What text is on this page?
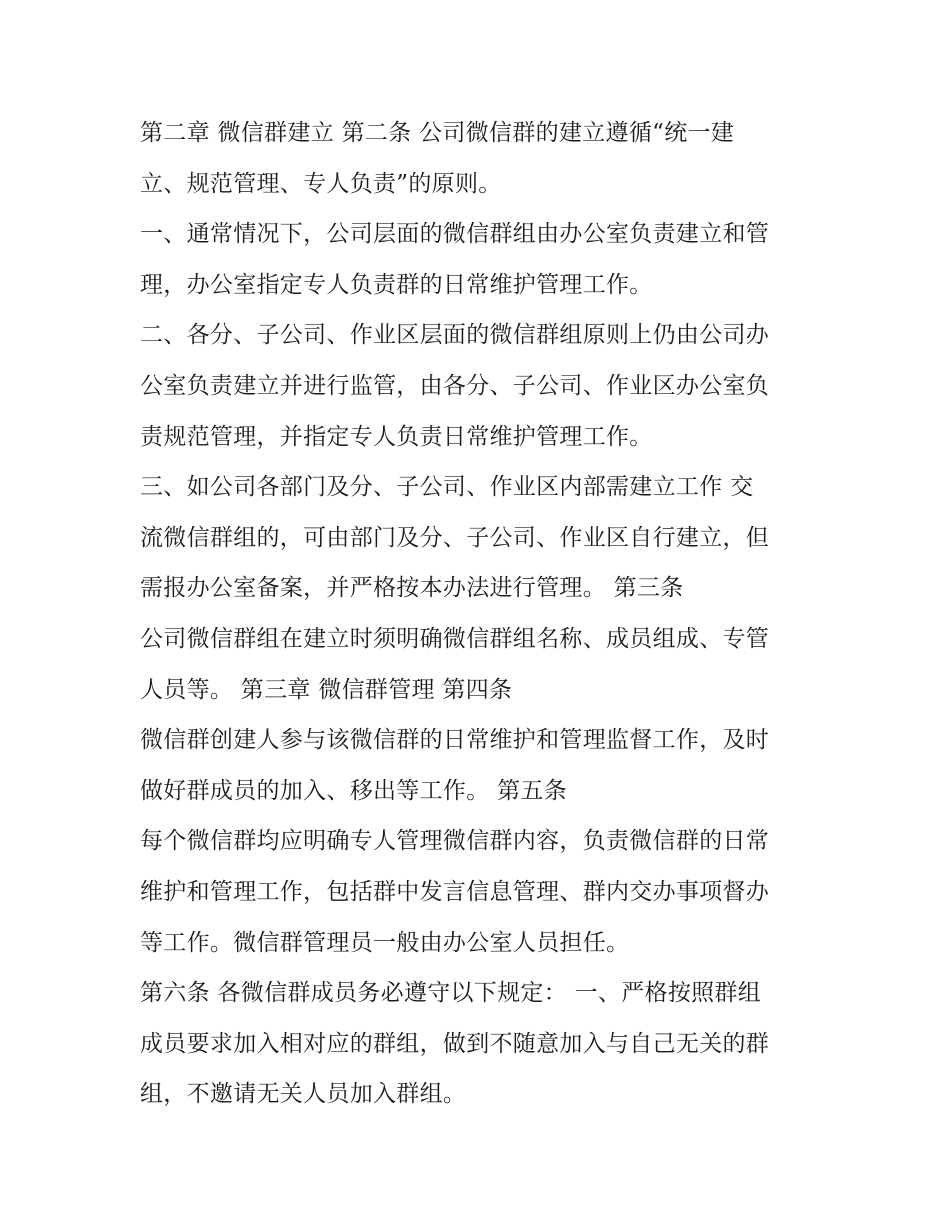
第二章 微信群建立 第二条 公司微信群的建立遵循“统一建
立、规范管理、专人负责”的原则。
一、通常情况下，公司层面的微信群组由办公室负责建立和管
理，办公室指定专人负责群的日常维护管理工作。
二、各分、子公司、作业区层面的微信群组原则上仍由公司办
公室负责建立并进行监管，由各分、子公司、作业区办公室负
责规范管理，并指定专人负责日常维护管理工作。
三、如公司各部门及分、子公司、作业区内部需建立工作 交
流微信群组的，可由部门及分、子公司、作业区自行建立，但
需报办公室备案，并严格按本办法进行管理。 第三条
公司微信群组在建立时须明确微信群组名称、成员组成、专管
人员等。 第三章 微信群管理 第四条
微信群创建人参与该微信群的日常维护和管理监督工作，及时
做好群成员的加入、移出等工作。 第五条
每个微信群均应明确专人管理微信群内容，负责微信群的日常
维护和管理工作，包括群中发言信息管理、群内交办事项督办
等工作。微信群管理员一般由办公室人员担任。
第六条 各微信群成员务必遵守以下规定： 一、严格按照群组
成员要求加入相对应的群组，做到不随意加入与自己无关的群
组，不邀请无关人员加入群组。
